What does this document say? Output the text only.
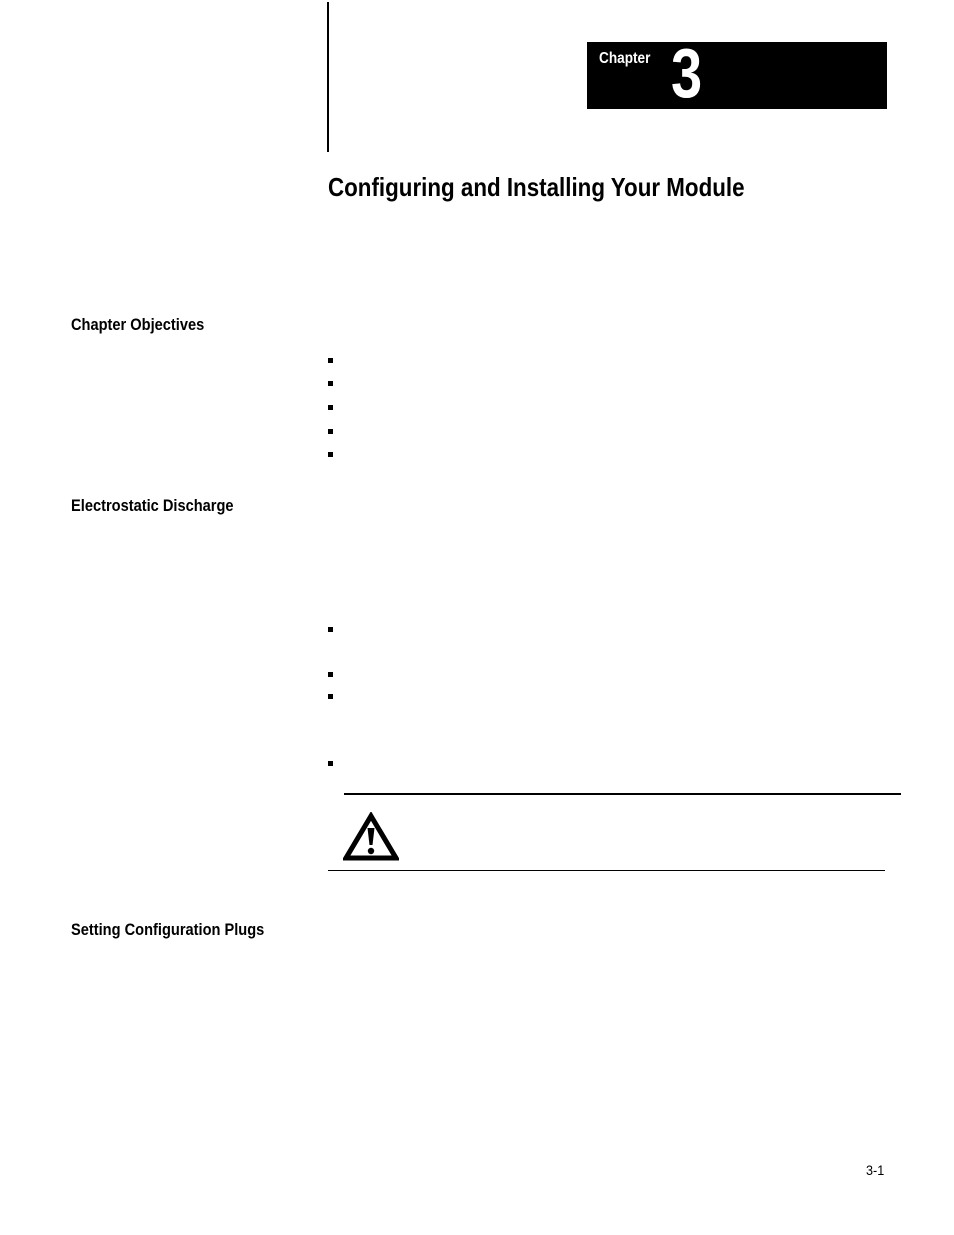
Chapter 3
Configuring and Installing Your Module
Chapter Objectives
Electrostatic Discharge
Setting Configuration Plugs
3-1
